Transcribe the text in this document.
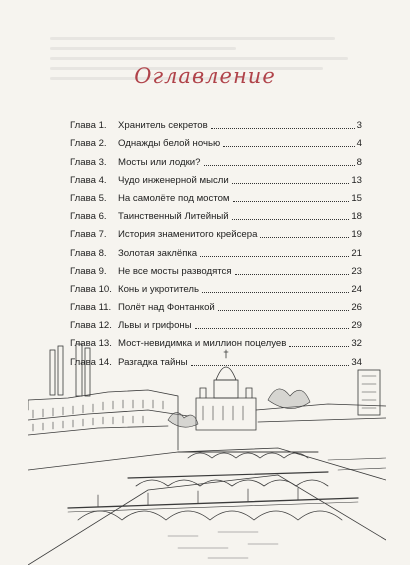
Оглавление
Глава 1.	Хранитель секретов	3
Глава 2.	Однажды белой ночью	4
Глава 3.	Мосты или лодки?	8
Глава 4.	Чудо инженерной мысли	13
Глава 5.	На самолёте под мостом	15
Глава 6.	Таинственный Литейный	18
Глава 7.	История знаменитого крейсера	19
Глава 8.	Золотая заклёпка	21
Глава 9.	Не все мосты разводятся	23
Глава 10. Конь и укротитель	24
Глава 11. Полёт над Фонтанкой	26
Глава 12. Львы и грифоны	29
Глава 13. Мост-невидимка и миллион поцелуев	32
Глава 14. Разгадка тайны	34
